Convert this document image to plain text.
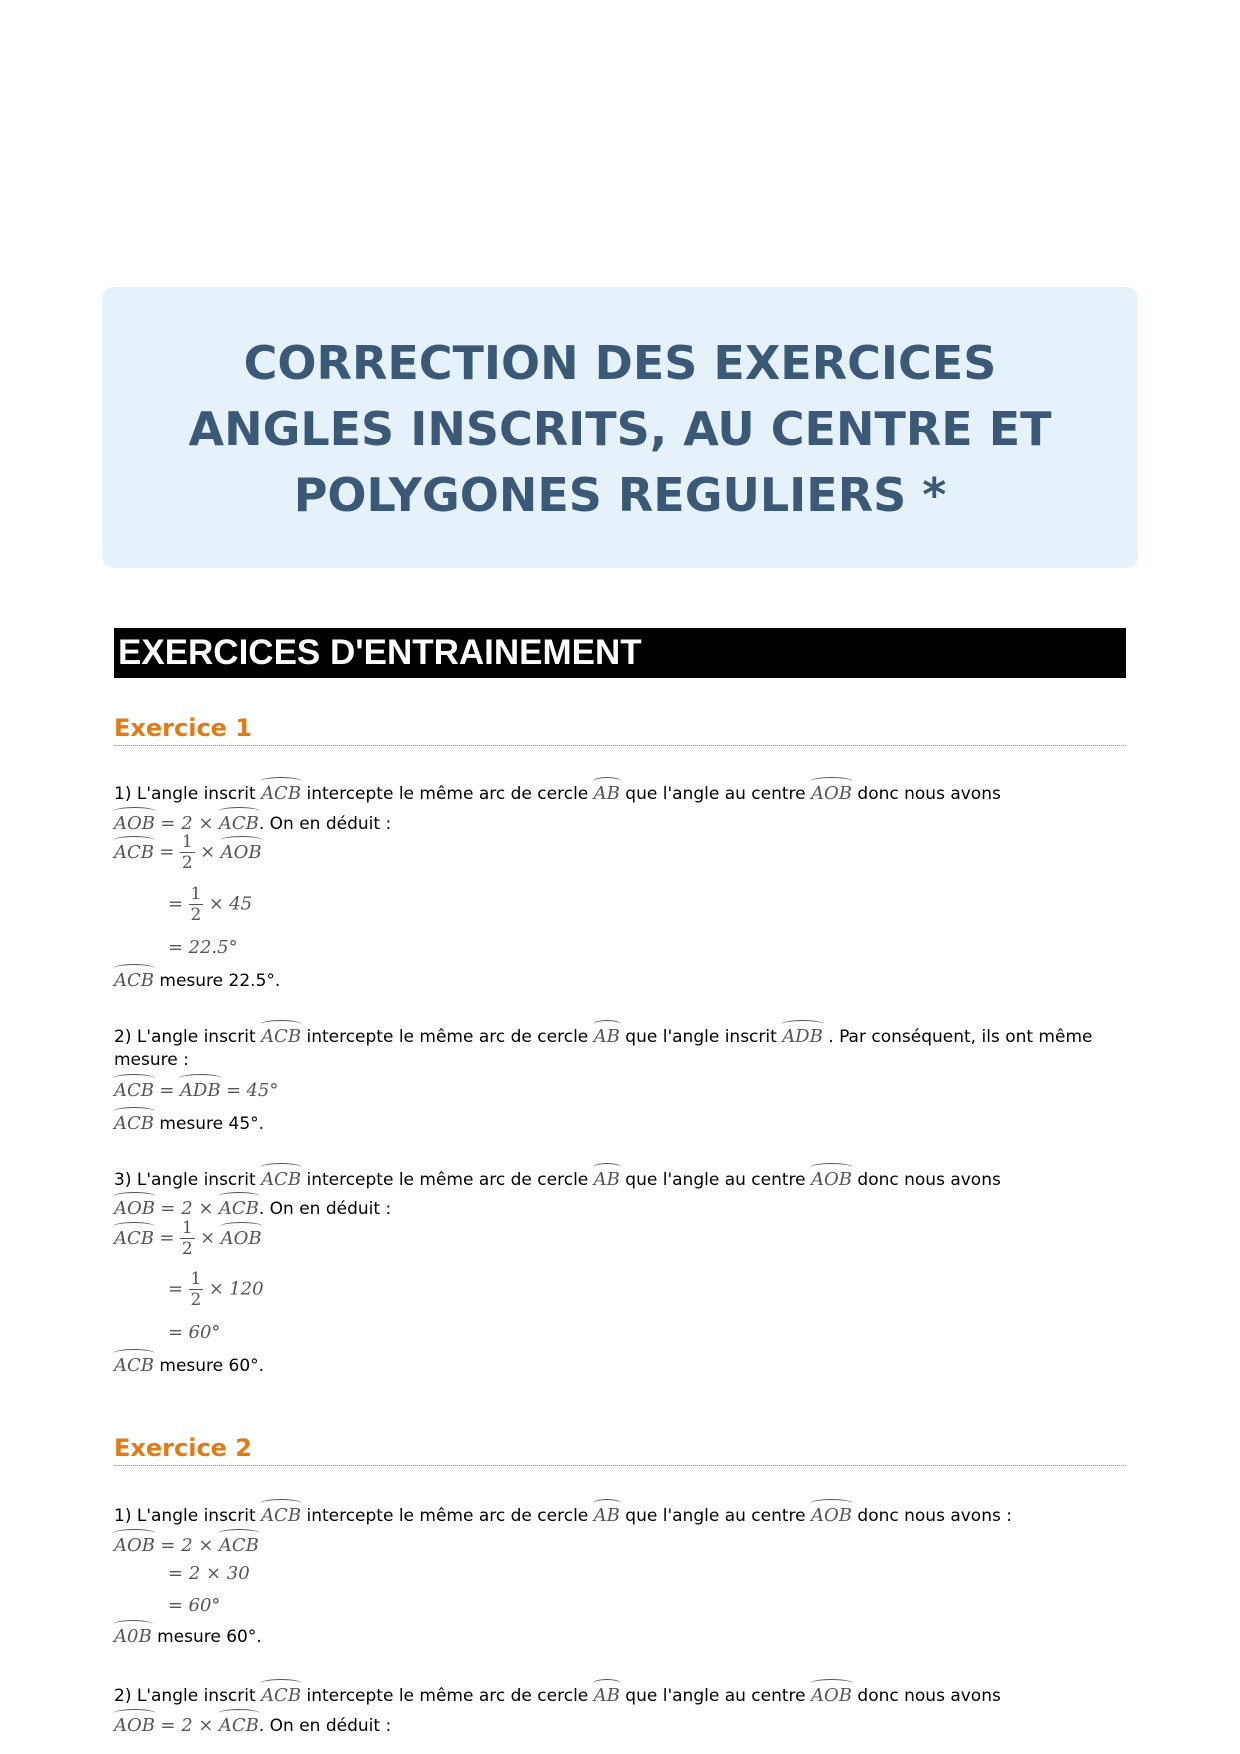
CORRECTION DES EXERCICES ANGLES INSCRITS, AU CENTRE ET POLYGONES REGULIERS *
EXERCICES D'ENTRAINEMENT
Exercice 1
1) L'angle inscrit ACB intercepte le même arc de cercle AB que l'angle au centre AOB donc nous avons
AOB = 2 × ACB. On en déduit :
ACB = $\frac{1}{2}$ × AOB
= $\frac{1}{2} \times 45$
= 22.5°
ACB mesure 22.5°.
2) L'angle inscrit ACB intercepte le même arc de cercle AB que l'angle inscrit ADB . Par conséquent, ils ont même
mesure :
ACB = ADB = 45°
ACB mesure 45°.
3) L'angle inscrit ACB intercepte le même arc de cercle AB que l'angle au centre AOB donc nous avons
AOB = 2 × ACB. On en déduit :
ACB = $\frac{1}{2}$ × AOB
= $\frac{1}{2} \times 120$
= 60°
ACB mesure 60°.
Exercice 2
1) L'angle inscrit ACB intercepte le même arc de cercle AB que l'angle au centre AOB donc nous avons :
AOB = 2 × ACB
= 2 × 30
= 60°
A0B mesure 60°.
2) L'angle inscrit ACB intercepte le même arc de cercle AB que l'angle au centre AOB donc nous avons
AOB = 2 × ACB. On en déduit :
